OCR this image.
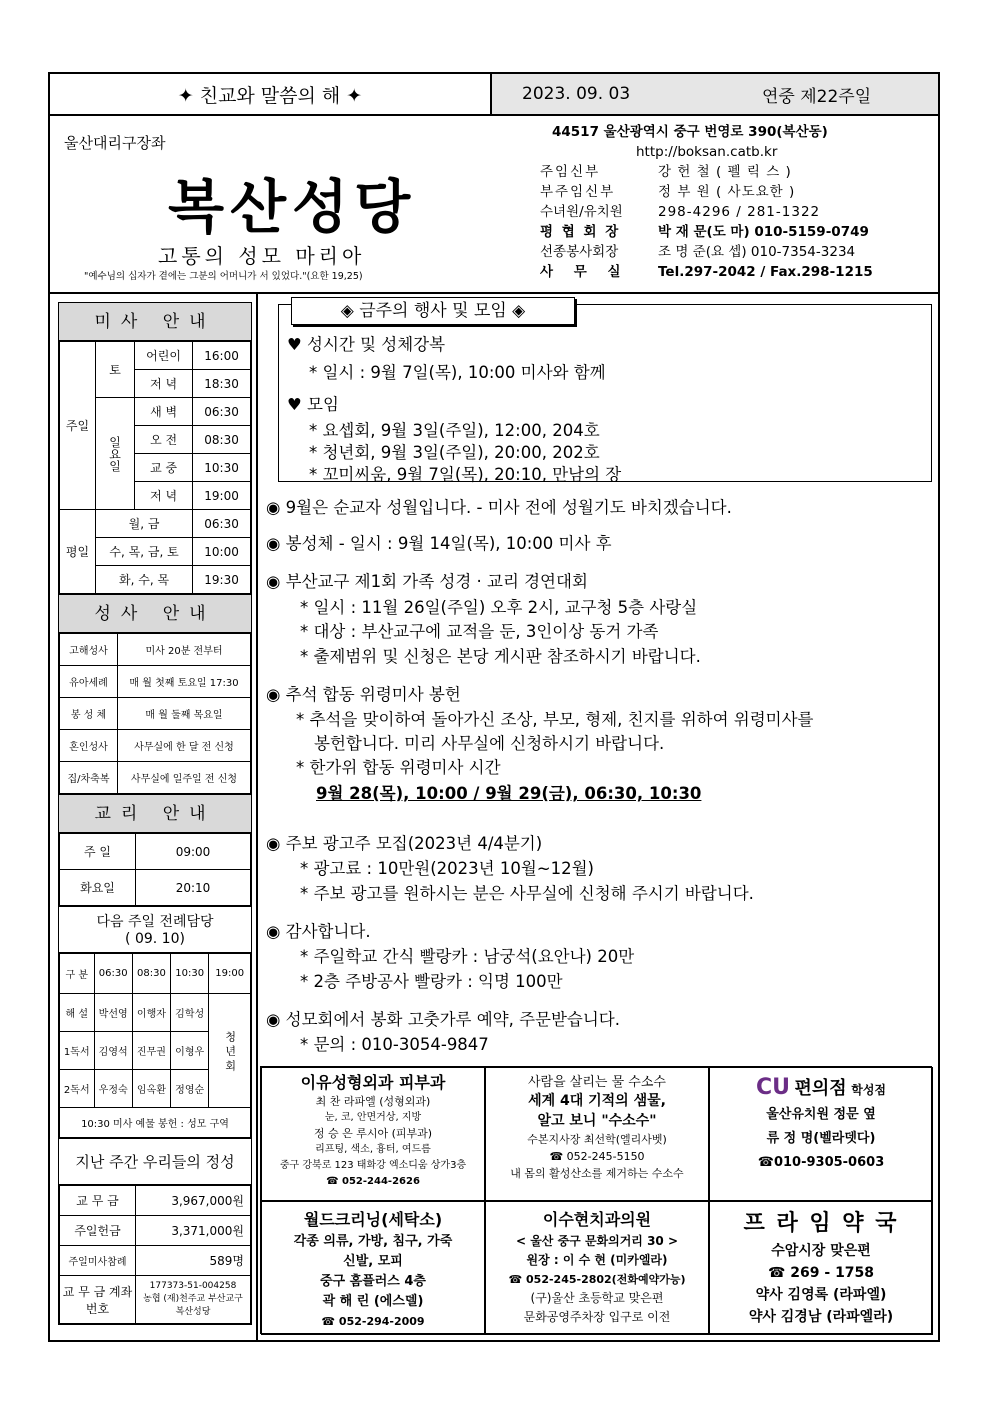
✦ 친교와 말씀의 해 ✦	2023. 09. 03	연중 제22주일
울산대리구장좌
복산성당
고통의 성모 마리아
"예수님의 십자가 곁에는 그분의 어머니가 서 있었다."(요한 19,25)
44517 울산광역시 중구 번영로 390(복산동)
http://boksan.catb.kr
주임신부	강 헌 철 ( 펠 릭 스 )
부주임신부	정 부 원 ( 사도요한 )
수녀원/유치원	298-4296 / 281-1322
평 협 회 장	박 재 문(도 마) 010-5159-0749
선종봉사회장	조 명 준(요 셉) 010-7354-3234
사 무 실	Tel.297-2042 / Fax.298-1215
미사 안내
주일	토	어린이	16:00
		저 녁	18:30
	일요일	새 벽	06:30
		오 전	08:30
		교 중	10:30
		저 녁	19:00
평일	월, 금		06:30
	수, 목, 금, 토		10:00
	화, 수, 목		19:30
성사 안내
고해성사	미사 20분 전부터
유아세례	매 월 첫째 토요일 17:30
봉 성 체	매 월 둘째 목요일
혼인성사	사무실에 한 달 전 신청
집/차축복	사무실에 일주일 전 신청
교리 안내
주 일	09:00
화요일	20:10
다음 주일 전례담당
( 09. 10)
구 분	06:30	08:30	10:30	19:00
해 설	박선영	이행자	김학성	청 년 회
1독서	김영석	진무권	이형우	
2독서	우정숙	임옥환	정영순	
10:30 미사 예물 봉헌 : 성모 구역				
지난 주간 우리들의 정성
교 무 금	3,967,000원
주일헌금	3,371,000원
주일미사참례	589명
교 무 금 계좌번호	177373-51-004258
농협 (재)천주교 부산교구
복산성당
◈ 금주의 행사 및 모임 ◈
♥ 성시간 및 성체강복
* 일시 : 9월 7일(목), 10:00 미사와 함께
♥ 모임
* 요셉회, 9월 3일(주일), 12:00, 204호
* 청년회, 9월 3일(주일), 20:00, 202호
* 꼬미씨움, 9월 7일(목), 20:10, 만남의 장
◉ 9월은 순교자 성월입니다. - 미사 전에 성월기도 바치겠습니다.
◉ 봉성체 - 일시 : 9월 14일(목), 10:00 미사 후
◉ 부산교구 제1회 가족 성경 · 교리 경연대회
* 일시 : 11월 26일(주일) 오후 2시, 교구청 5층 사랑실
* 대상 : 부산교구에 교적을 둔, 3인이상 동거 가족
* 출제범위 및 신청은 본당 게시판 참조하시기 바랍니다.
◉ 추석 합동 위령미사 봉헌
* 추석을 맞이하여 돌아가신 조상, 부모, 형제, 친지를 위하여 위령미사를
봉헌합니다. 미리 사무실에 신청하시기 바랍니다.
* 한가위 합동 위령미사 시간
9월 28(목), 10:00 / 9월 29(금), 06:30, 10:30
◉ 주보 광고주 모집(2023년 4/4분기)
* 광고료 : 10만원(2023년 10월~12월)
* 주보 광고를 원하시는 분은 사무실에 신청해 주시기 바랍니다.
◉ 감사합니다.
* 주일학교 간식 빨랑카 : 남궁석(요안나) 20만
* 2층 주방공사 빨랑카 : 익명 100만
◉ 성모회에서 봉화 고춧가루 예약, 주문받습니다.
* 문의 : 010-3054-9847
이유성형외과 피부과
최 찬 라파엘 (성형외과)
눈, 코, 안면거상, 지방
정 승 은 루시아 (피부과)
리프팅, 색소, 흉터, 여드름
중구 강북로 123 태화강 엑소디움 상가3층
☎ 052-244-2626
사람을 살리는 물 수소수
세계 4대 기적의 샘물,
알고 보니 "수소수"
수본지사장 최선학(엘리사벳)
☎ 052-245-5150
내 몸의 활성산소를 제거하는 수소수
CU 편의점 학성점
울산유치원 정문 옆
류 정 명(벨라뎃다)
☎010-9305-0603
월드크리닝(세탁소)
각종 의류, 가방, 침구, 가죽
신발, 모피
중구 홈플러스 4층
곽 해 린 (에스델)
☎ 052-294-2009
이수현치과의원
< 울산 중구 문화의거리 30 >
원장 : 이 수 현 (미카엘라)
☎ 052-245-2802(전화예약가능)
(구)울산 초등학교 맞은편
문화공영주차장 입구로 이전
프 라 임 약 국
수암시장 맞은편
☎ 269 - 1758
약사 김영록 (라파엘)
약사 김경남 (라파엘라)
